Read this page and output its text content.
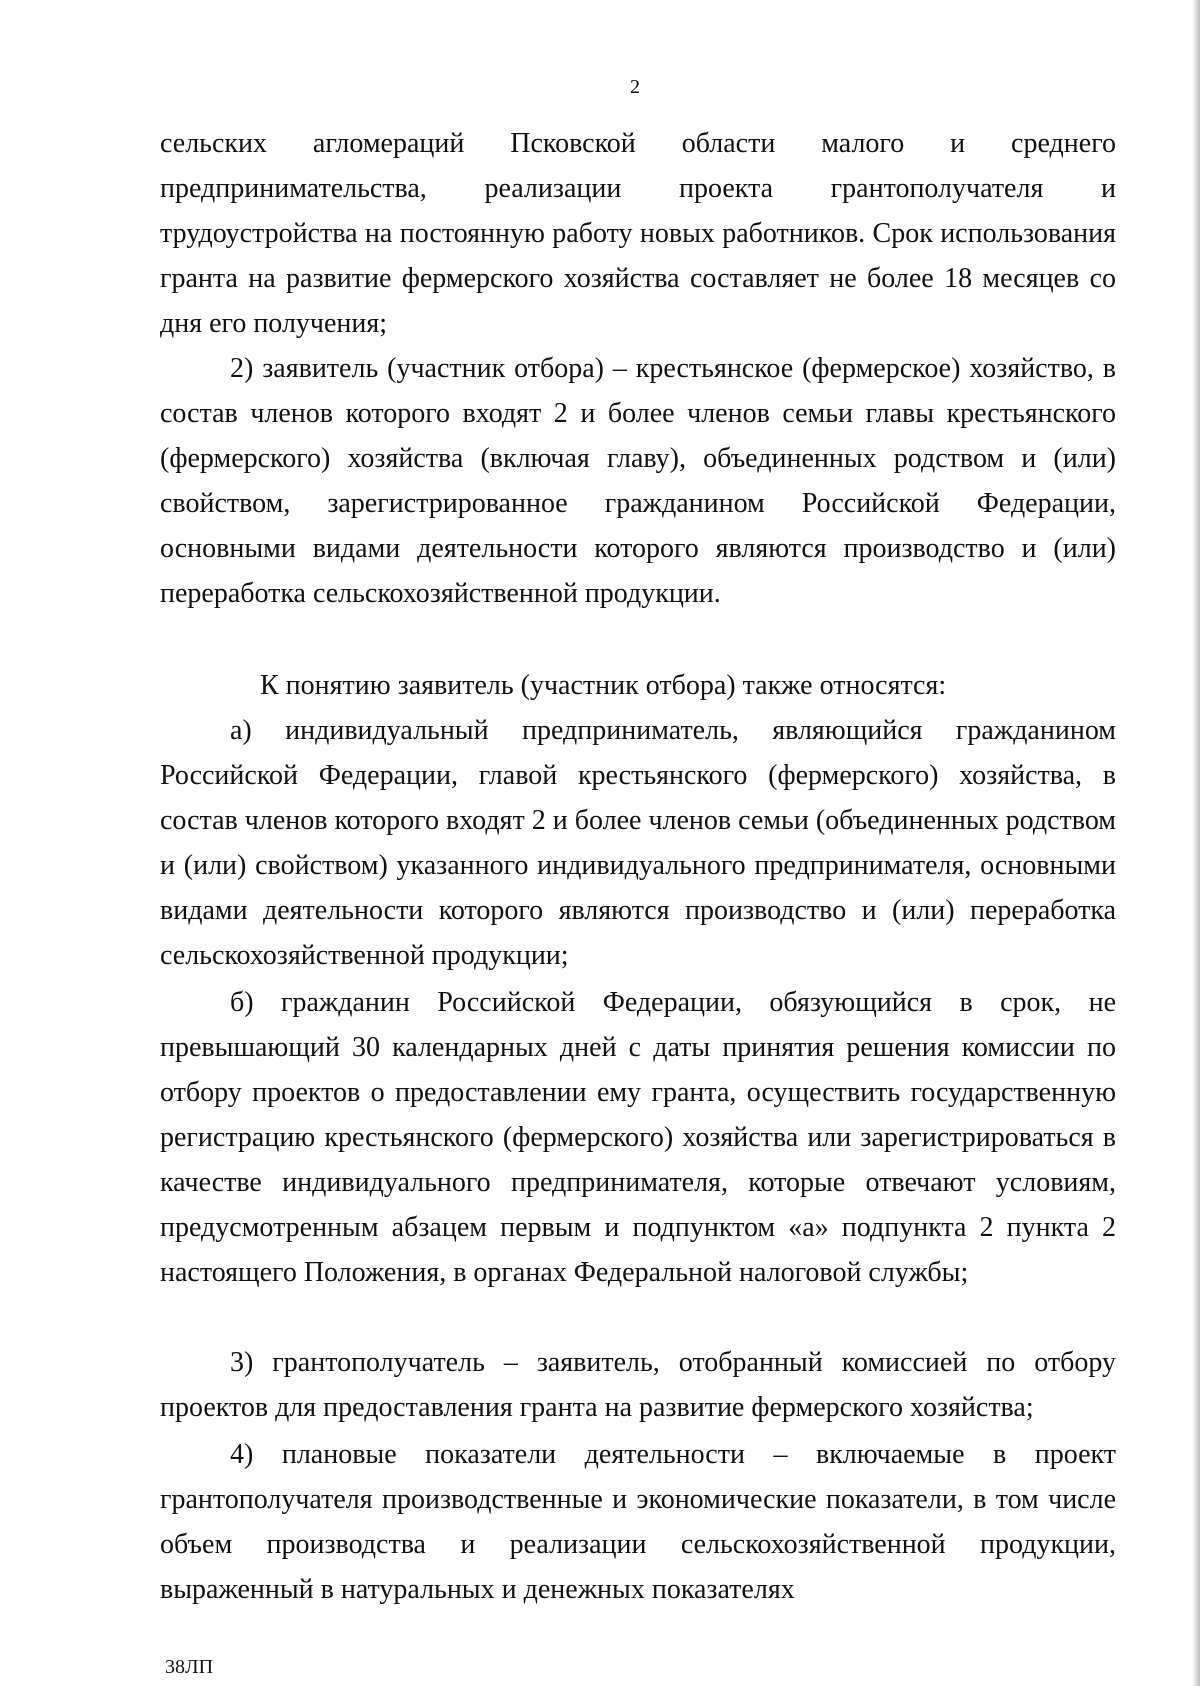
2

сельских агломераций Псковской области малого и среднего предпринимательства, реализации проекта грантополучателя и трудоустройства на постоянную работу новых работников. Срок использования гранта на развитие фермерского хозяйства составляет не более 18 месяцев со дня его получения;

2) заявитель (участник отбора) – крестьянское (фермерское) хозяйство, в состав членов которого входят 2 и более членов семьи главы крестьянского (фермерского) хозяйства (включая главу), объединенных родством и (или) свойством, зарегистрированное гражданином Российской Федерации, основными видами деятельности которого являются производство и (или) переработка сельскохозяйственной продукции.

К понятию заявитель (участник отбора) также относятся:

а) индивидуальный предприниматель, являющийся гражданином Российской Федерации, главой крестьянского (фермерского) хозяйства, в состав членов которого входят 2 и более членов семьи (объединенных родством и (или) свойством) указанного индивидуального предпринимателя, основными видами деятельности которого являются производство и (или) переработка сельскохозяйственной продукции;

б) гражданин Российской Федерации, обязующийся в срок, не превышающий 30 календарных дней с даты принятия решения комиссии по отбору проектов о предоставлении ему гранта, осуществить государственную регистрацию крестьянского (фермерского) хозяйства или зарегистрироваться в качестве индивидуального предпринимателя, которые отвечают условиям, предусмотренным абзацем первым и подпунктом «а» подпункта 2 пункта 2 настоящего Положения, в органах Федеральной налоговой службы;

3) грантополучатель – заявитель, отобранный комиссией по отбору проектов для предоставления гранта на развитие фермерского хозяйства;

4) плановые показатели деятельности – включаемые в проект грантополучателя производственные и экономические показатели, в том числе объем производства и реализации сельскохозяйственной продукции, выраженный в натуральных и денежных показателях

38ЛП
